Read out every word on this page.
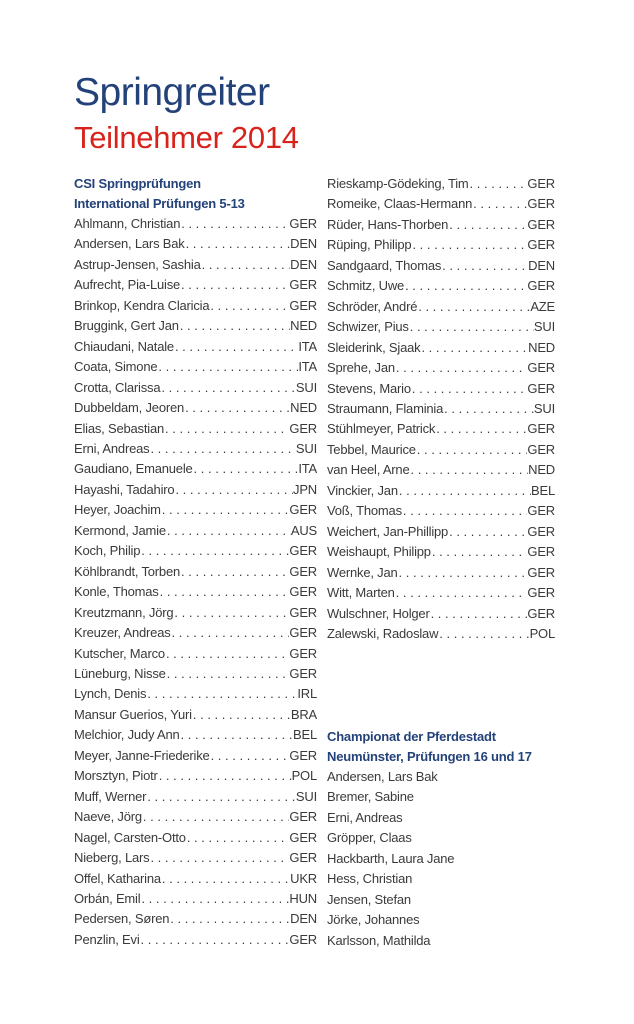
Springreiter
Teilnehmer 2014
CSI Springprüfungen
International Prüfungen 5-13
Ahlmann, Christian . . .	GER
Andersen, Lars Bak . . .	DEN
Astrup-Jensen, Sashia . . .	DEN
Aufrecht, Pia-Luise . . .	GER
Brinkop, Kendra Claricia . . .	GER
Bruggink, Gert Jan . . .	NED
Chiaudani, Natale . . .	ITA
Coata, Simone . . .	ITA
Crotta, Clarissa . . .	SUI
Dubbeldam, Jeoren . . .	NED
Elias, Sebastian . . .	GER
Erni, Andreas . . .	SUI
Gaudiano, Emanuele . . .	ITA
Hayashi, Tadahiro . . .	JPN
Heyer, Joachim . . .	GER
Kermond, Jamie . . .	AUS
Koch, Philip . . .	GER
Köhlbrandt, Torben . . .	GER
Konle, Thomas . . .	GER
Kreutzmann, Jörg . . .	GER
Kreuzer, Andreas . . .	GER
Kutscher, Marco . . .	GER
Lüneburg, Nisse . . .	GER
Lynch, Denis . . .	IRL
Mansur Guerios, Yuri . . .	BRA
Melchior, Judy Ann . . .	BEL
Meyer, Janne-Friederike . . .	GER
Morsztyn, Piotr . . .	POL
Muff, Werner . . .	SUI
Naeve, Jörg . . .	GER
Nagel, Carsten-Otto . . .	GER
Nieberg, Lars . . .	GER
Offel, Katharina . . .	UKR
Orbán, Emil . . .	HUN
Pedersen, Søren . . .	DEN
Penzlin, Evi . . .	GER
Rieskamp-Gödeking, Tim . . .	GER
Romeike, Claas-Hermann . . .	GER
Rüder, Hans-Thorben . . .	GER
Rüping, Philipp . . .	GER
Sandgaard, Thomas . . .	DEN
Schmitz, Uwe . . .	GER
Schröder, André . . .	AZE
Schwizer, Pius . . .	SUI
Sleiderink, Sjaak . . .	NED
Sprehe, Jan . . .	GER
Stevens, Mario . . .	GER
Straumann, Flaminia . . .	SUI
Stühlmeyer, Patrick . . .	GER
Tebbel, Maurice . . .	GER
van Heel, Arne . . .	NED
Vinckier, Jan . . .	BEL
Voß, Thomas . . .	GER
Weichert, Jan-Phillipp . . .	GER
Weishaupt, Philipp . . .	GER
Wernke, Jan . . .	GER
Witt, Marten . . .	GER
Wulschner, Holger . . .	GER
Zalewski, Radoslaw . . .	POL
Championat der Pferdestadt
Neumünster, Prüfungen 16 und 17
Andersen, Lars Bak
Bremer, Sabine
Erni, Andreas
Gröpper, Claas
Hackbarth, Laura Jane
Hess, Christian
Jensen, Stefan
Jörke, Johannes
Karlsson, Mathilda
